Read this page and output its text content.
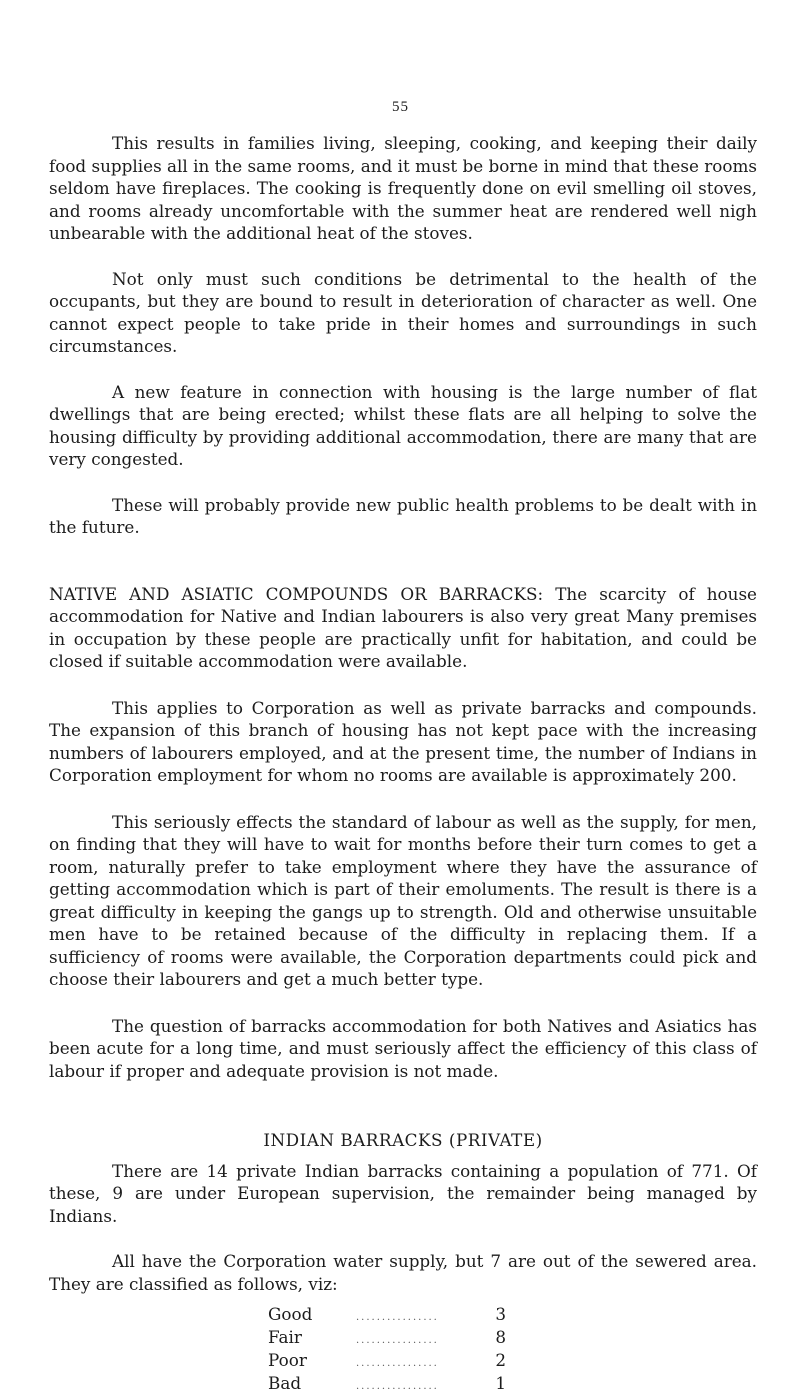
55

This results in families living, sleeping, cooking, and keeping their daily food supplies all in the same rooms, and it must be borne in mind that these rooms seldom have fireplaces. The cooking is frequently done on evil smelling oil stoves, and rooms already uncomfortable with the summer heat are rendered well nigh unbearable with the additional heat of the stoves.

Not only must such conditions be detrimental to the health of the occupants, but they are bound to result in deterioration of character as well. One cannot expect people to take pride in their homes and surroundings in such circumstances.

A new feature in connection with housing is the large number of flat dwellings that are being erected; whilst these flats are all helping to solve the housing difficulty by providing additional accommodation, there are many that are very congested.

These will probably provide new public health problems to be dealt with in the future.

NATIVE AND ASIATIC COMPOUNDS OR BARRACKS: The scarcity of house accommodation for Native and Indian labourers is also very great Many premises in occupation by these people are practically unfit for habitation, and could be closed if suitable accommodation were available.

This applies to Corporation as well as private barracks and compounds. The expansion of this branch of housing has not kept pace with the increasing numbers of labourers employed, and at the present time, the number of Indians in Corporation employment for whom no rooms are available is approximately 200.

This seriously effects the standard of labour as well as the supply, for men, on finding that they will have to wait for months before their turn comes to get a room, naturally prefer to take employment where they have the assurance of getting accommodation which is part of their emoluments. The result is there is a great difficulty in keeping the gangs up to strength. Old and otherwise unsuitable men have to be retained because of the difficulty in replacing them. If a sufficiency of rooms were available, the Corporation departments could pick and choose their labourers and get a much better type.

The question of barracks accommodation for both Natives and Asiatics has been acute for a long time, and must seriously affect the efficiency of this class of labour if proper and adequate provision is not made.

INDIAN BARRACKS (PRIVATE)

There are 14 private Indian barracks containing a population of 771. Of these, 9 are under European supervision, the remainder being managed by Indians.

All have the Corporation water supply, but 7 are out of the sewered area. They are classified as follows, viz:

Good	................	3
Fair	................	8
Poor	................	2
Bad	................	1
